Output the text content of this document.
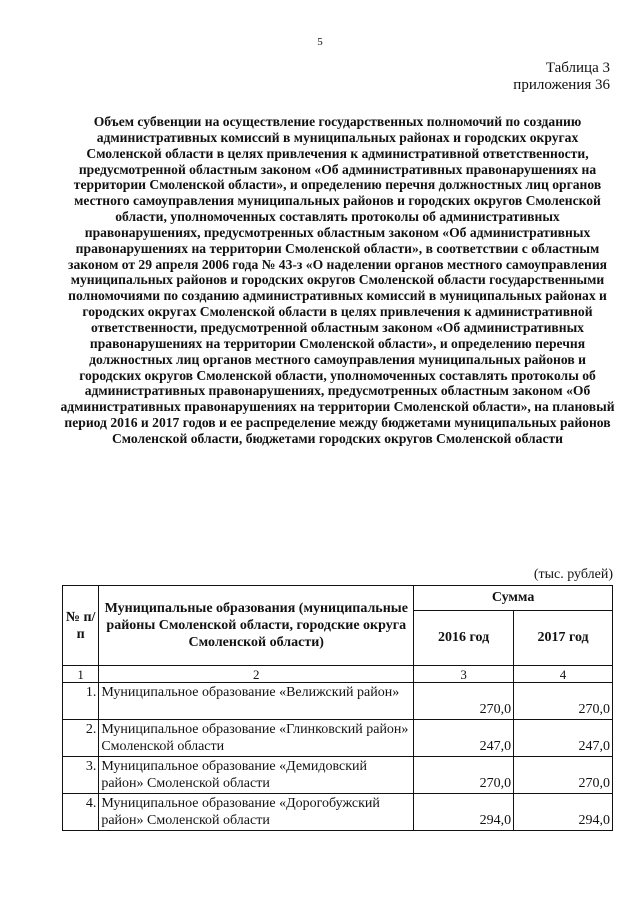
5
Таблица 3
приложения 36
Объем субвенции на осуществление государственных полномочий по созданию административных комиссий в муниципальных районах и городских округах Смоленской области в целях привлечения к административной ответственности, предусмотренной областным законом «Об административных правонарушениях на территории Смоленской области», и определению перечня должностных лиц органов местного самоуправления муниципальных районов и городских округов Смоленской области, уполномоченных составлять протоколы об административных правонарушениях, предусмотренных областным законом «Об административных правонарушениях на территории Смоленской области», в соответствии с областным законом от 29 апреля 2006 года № 43-з «О наделении органов местного самоуправления муниципальных районов и городских округов Смоленской области государственными полномочиями по созданию административных комиссий в муниципальных районах и городских округах Смоленской области в целях привлечения к административной ответственности, предусмотренной областным законом «Об административных правонарушениях на территории Смоленской области», и определению перечня должностных лиц органов местного самоуправления муниципальных районов и городских округов Смоленской области, уполномоченных составлять протоколы об административных правонарушениях, предусмотренных областным законом «Об административных правонарушениях на территории Смоленской области», на плановый период 2016 и 2017 годов и ее распределение между бюджетами муниципальных районов Смоленской области, бюджетами городских округов Смоленской области
(тыс. рублей)
№ п/п	Муниципальные образования (муниципальные районы Смоленской области, городские округа Смоленской области)	Сумма	
		2016 год	2017 год
1	2	3	4
1.	Муниципальное образование «Велижский район»	270,0	270,0
2.	Муниципальное образование «Глинковский район» Смоленской области	247,0	247,0
3.	Муниципальное образование «Демидовский район» Смоленской области	270,0	270,0
4.	Муниципальное образование «Дорогобужский район» Смоленской области	294,0	294,0
